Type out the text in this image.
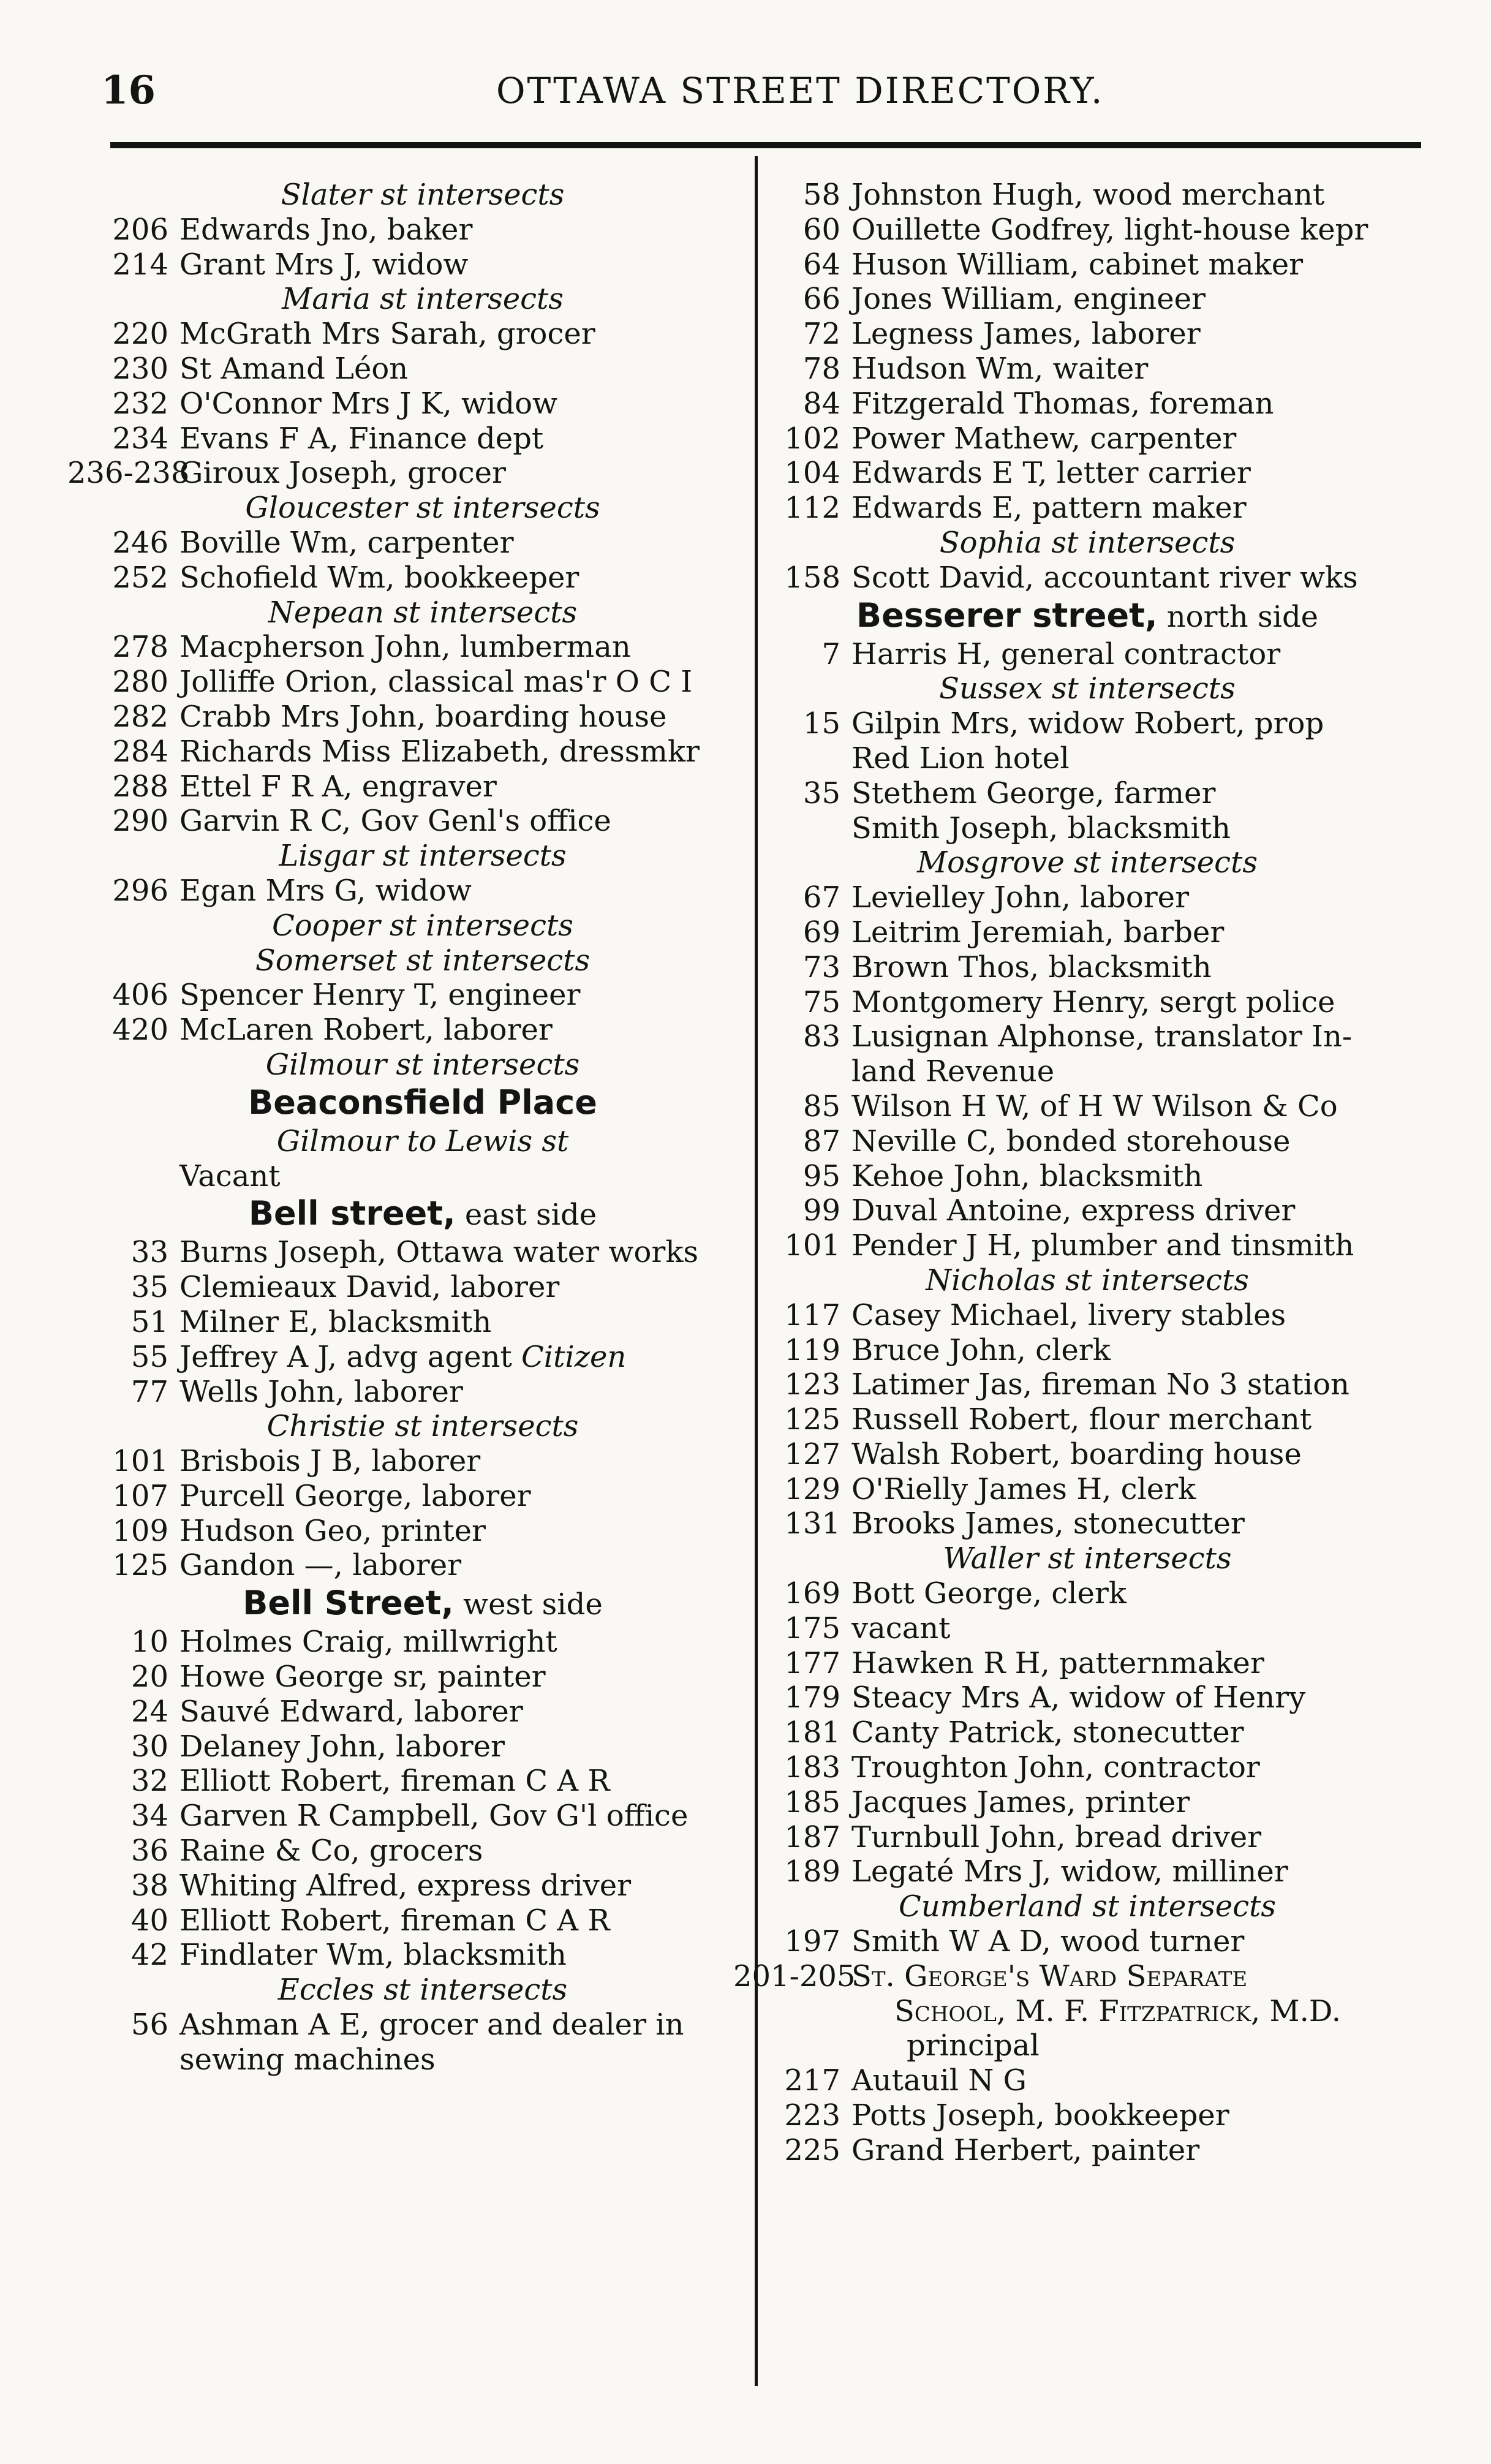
16	OTTAWA STREET DIRECTORY.
Slater st intersects
206 Edwards Jno, baker
214 Grant Mrs J, widow
Maria st intersects
220 McGrath Mrs Sarah, grocer
230 St Amand Léon
232 O'Connor Mrs J K, widow
234 Evans F A, Finance dept
236-238
Giroux Joseph, grocer
Gloucester st intersects
246 Boville Wm, carpenter
252 Schofield Wm, bookkeeper
Nepean st intersects
278 Macpherson John, lumberman
280 Jolliffe Orion, classical mas'r O C I
282 Crabb Mrs John, boarding house
284 Richards Miss Elizabeth, dressmkr
288 Ettel F R A, engraver
290 Garvin R C, Gov Genl's office
Lisgar st intersects
296 Egan Mrs G, widow
Cooper st intersects
Somerset st intersects
406 Spencer Henry T, engineer
420 McLaren Robert, laborer
Gilmour st intersects
Beaconsfield Place
Gilmour to Lewis st
Vacant
Bell street, east side
33 Burns Joseph, Ottawa water works
35 Clemieaux David, laborer
51 Milner E, blacksmith
55 Jeffrey A J, advg agent
Citizen
77 Wells John, laborer
Christie st intersects
101 Brisbois J B, laborer
107 Purcell George, laborer
109 Hudson Geo, printer
125 Gandon —, laborer
Bell Street, west side
10 Holmes Craig, millwright
20 Howe George sr, painter
24 Sauvé Edward, laborer
30 Delaney John, laborer
32 Elliott Robert, fireman C A R
34 Garven R Campbell, Gov G'l office
36 Raine & Co, grocers
38 Whiting Alfred, express driver
40 Elliott Robert, fireman C A R
42 Findlater Wm, blacksmith
Eccles st intersects
56 Ashman A E, grocer and dealer in
sewing machines
58 Johnston Hugh, wood merchant
60 Ouillette Godfrey, light-house kepr
64 Huson William, cabinet maker
66 Jones William, engineer
72 Legness James, laborer
78 Hudson Wm, waiter
84 Fitzgerald Thomas, foreman
102 Power Mathew, carpenter
104 Edwards E T, letter carrier
112 Edwards E, pattern maker
Sophia st intersects
158 Scott David, accountant river wks
Besserer street, north side
7 Harris H, general contractor
Sussex st intersects
15 Gilpin Mrs, widow Robert, prop
Red Lion hotel
35 Stethem George, farmer
Smith Joseph, blacksmith
Mosgrove st intersects
67 Levielley John, laborer
69 Leitrim Jeremiah, barber
73 Brown Thos, blacksmith
75 Montgomery Henry, sergt police
83 Lusignan Alphonse, translator In-
land Revenue
85 Wilson H W, of H W Wilson & Co
87 Neville C, bonded storehouse
95 Kehoe John, blacksmith
99 Duval Antoine, express driver
101 Pender J H, plumber and tinsmith
Nicholas st intersects
117 Casey Michael, livery stables
119 Bruce John, clerk
123 Latimer Jas, fireman No 3 station
125 Russell Robert, flour merchant
127 Walsh Robert, boarding house
129 O'Rielly James H, clerk
131 Brooks James, stonecutter
Waller st intersects
169 Bott George, clerk
175 vacant
177 Hawken R H, patternmaker
179 Steacy Mrs A, widow of Henry
181 Canty Patrick, stonecutter
183 Troughton John, contractor
185 Jacques James, printer
187 Turnbull John, bread driver
189 Legaté Mrs J, widow, milliner
Cumberland st intersects
197 Smith W A D, wood turner
201-205
St. George's Ward Separate
School, M. F. Fitzpatrick, M.D.
principal
217 Autauil N G
223 Potts Joseph, bookkeeper
225 Grand Herbert, painter
